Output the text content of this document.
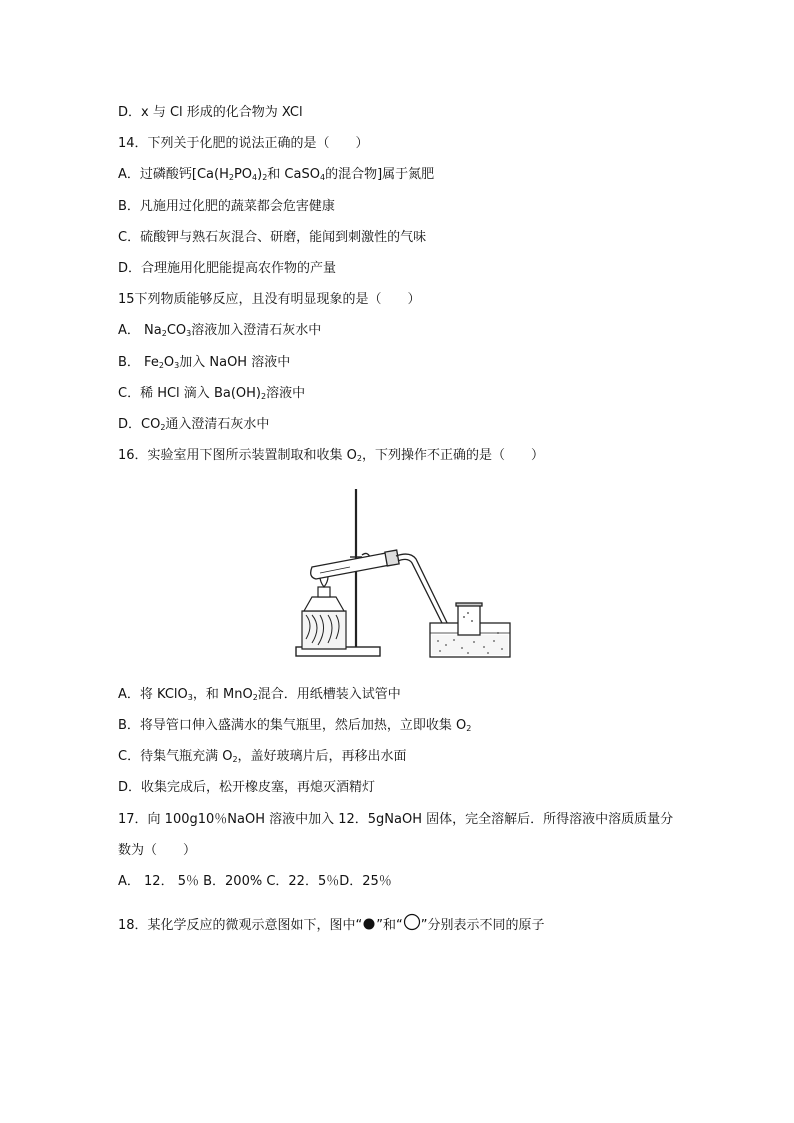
D．x 与 Cl 形成的化合物为 XCl
14．下列关于化肥的说法正确的是（　　）
A．过磷酸钙[$Ca(H_2PO_4)_2$和 CaSO$_4$的混合物]属于氮肥
B．凡施用过化肥的蔬菜都会危害健康
C．硫酸钾与熟石灰混合、研磨，能闻到刺激性的气味
D．合理施用化肥能提高农作物的产量
15下列物质能够反应，且没有明显现象的是（　　）
A． $Na_2CO_3$溶液加入澄清石灰水中
B． $Fe_2O_3$加入 NaOH 溶液中
C．稀 HCl 滴入 $Ba(OH)_2$溶液中
D．$CO_2$通入澄清石灰水中
16．实验室用下图所示装置制取和收集 $O_2$，下列操作不正确的是（　　）
A．将 KClO$_3$，和 MnO$_2$混合．用纸槽装入试管中
B．将导管口伸入盛满水的集气瓶里，然后加热，立即收集 $O_2$
C．待集气瓶充满 $O_2$，盖好玻璃片后，再移出水面
D．收集完成后，松开橡皮塞，再熄灭酒精灯
17．向 100g10％NaOH 溶液中加入 12．5gNaOH 固体，完全溶解后．所得溶液中溶质质量分
数为（　　）
A． 12． 5％ B．200% C．22．5％D．25％
18．某化学反应的微观示意图如下，图中“ ”和“ ”分别表示不同的原子
